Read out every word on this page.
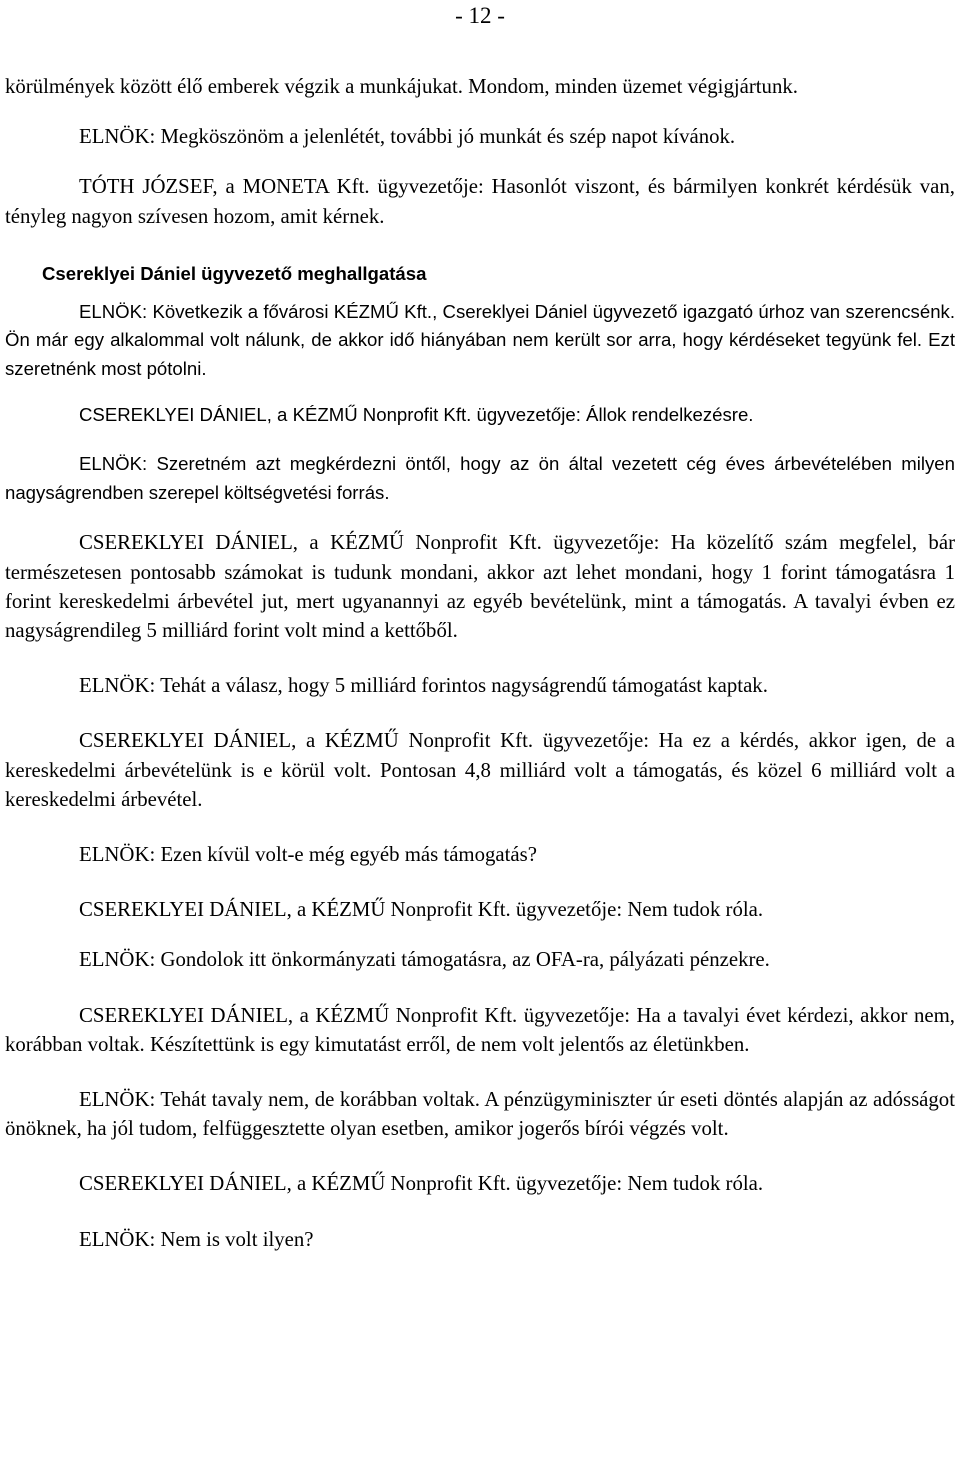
- 12 -

körülmények között élő emberek végzik a munkájukat. Mondom, minden üzemet végigjártunk.

ELNÖK: Megköszönöm a jelenlétét, további jó munkát és szép napot kívánok.

TÓTH JÓZSEF, a MONETA Kft. ügyvezetője: Hasonlót viszont, és bármilyen konkrét kérdésük van, tényleg nagyon szívesen hozom, amit kérnek.

Csereklyei Dániel ügyvezető meghallgatása

ELNÖK: Következik a fővárosi KÉZMŰ Kft., Csereklyei Dániel ügyvezető igazgató úrhoz van szerencsénk. Ön már egy alkalommal volt nálunk, de akkor idő hiányában nem került sor arra, hogy kérdéseket tegyünk fel. Ezt szeretnénk most pótolni.

CSEREKLYEI DÁNIEL, a KÉZMŰ Nonprofit Kft. ügyvezetője: Állok rendelkezésre.

ELNÖK: Szeretném azt megkérdezni öntől, hogy az ön által vezetett cég éves árbevételében milyen nagyságrendben szerepel költségvetési forrás.

CSEREKLYEI DÁNIEL, a KÉZMŰ Nonprofit Kft. ügyvezetője: Ha közelítő szám megfelel, bár természetesen pontosabb számokat is tudunk mondani, akkor azt lehet mondani, hogy 1 forint támogatásra 1 forint kereskedelmi árbevétel jut, mert ugyanannyi az egyéb bevételünk, mint a támogatás. A tavalyi évben ez nagyságrendileg 5 milliárd forint volt mind a kettőből.

ELNÖK: Tehát a válasz, hogy 5 milliárd forintos nagyságrendű támogatást kaptak.

CSEREKLYEI DÁNIEL, a KÉZMŰ Nonprofit Kft. ügyvezetője: Ha ez a kérdés, akkor igen, de a kereskedelmi árbevételünk is e körül volt. Pontosan 4,8 milliárd volt a támogatás, és közel 6 milliárd volt a kereskedelmi árbevétel.

ELNÖK: Ezen kívül volt-e még egyéb más támogatás?

CSEREKLYEI DÁNIEL, a KÉZMŰ Nonprofit Kft. ügyvezetője: Nem tudok róla.

ELNÖK: Gondolok itt önkormányzati támogatásra, az OFA-ra, pályázati pénzekre.

CSEREKLYEI DÁNIEL, a KÉZMŰ Nonprofit Kft. ügyvezetője: Ha a tavalyi évet kérdezi, akkor nem, korábban voltak. Készítettünk is egy kimutatást erről, de nem volt jelentős az életünkben.

ELNÖK: Tehát tavaly nem, de korábban voltak. A pénzügyminiszter úr eseti döntés alapján az adósságot önöknek, ha jól tudom, felfüggesztette olyan esetben, amikor jogerős bírói végzés volt.

CSEREKLYEI DÁNIEL, a KÉZMŰ Nonprofit Kft. ügyvezetője: Nem tudok róla.

ELNÖK: Nem is volt ilyen?
